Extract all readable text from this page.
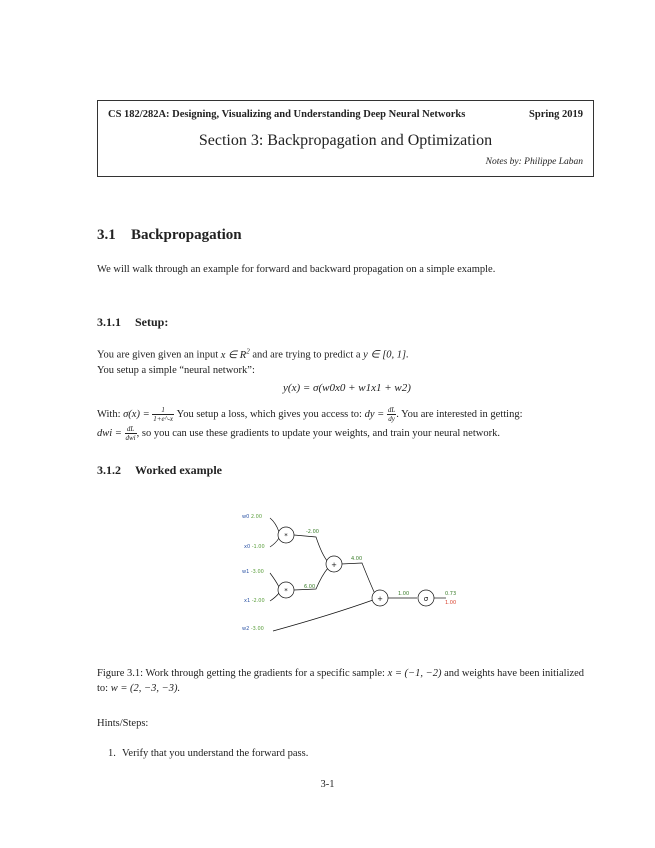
CS 182/282A: Designing, Visualizing and Understanding Deep Neural Networks	Spring 2019
Section 3: Backpropagation and Optimization
Notes by: Philippe Laban
3.1 Backpropagation
We will walk through an example for forward and backward propagation on a simple example.
3.1.1 Setup:
You are given given an input x ∈ $R^2$ and are trying to predict a y ∈ [0, 1].
You setup a simple “neural network”:
y(x) = σ(w0x0 + w1x1 + w2)
With: $\sigma(x) = \frac{1}{1+e\^{}-x}$ You setup a loss, which gives you access to: dy = $\frac{dL}{dy}$ . You are interested in getting:
dwi = $\frac{dL}{\text{dwi}}$ , so you can use these gradients to update your weights, and train your neural network.
3.1.2 Worked example
w0 2.00
x0 -1.00
w1 -3.00
x1 -2.00
w2 -3.00
-2.00
6.00
4.00
1.00	0.73
1.00
*
*
+
+	σ
Figure 3.1: Work through getting the gradients for a specific sample: x = (−1, −2) and weights have been initialized to: w = (2, −3, −3).
Hints/Steps:
1. Verify that you understand the forward pass.
3-1
